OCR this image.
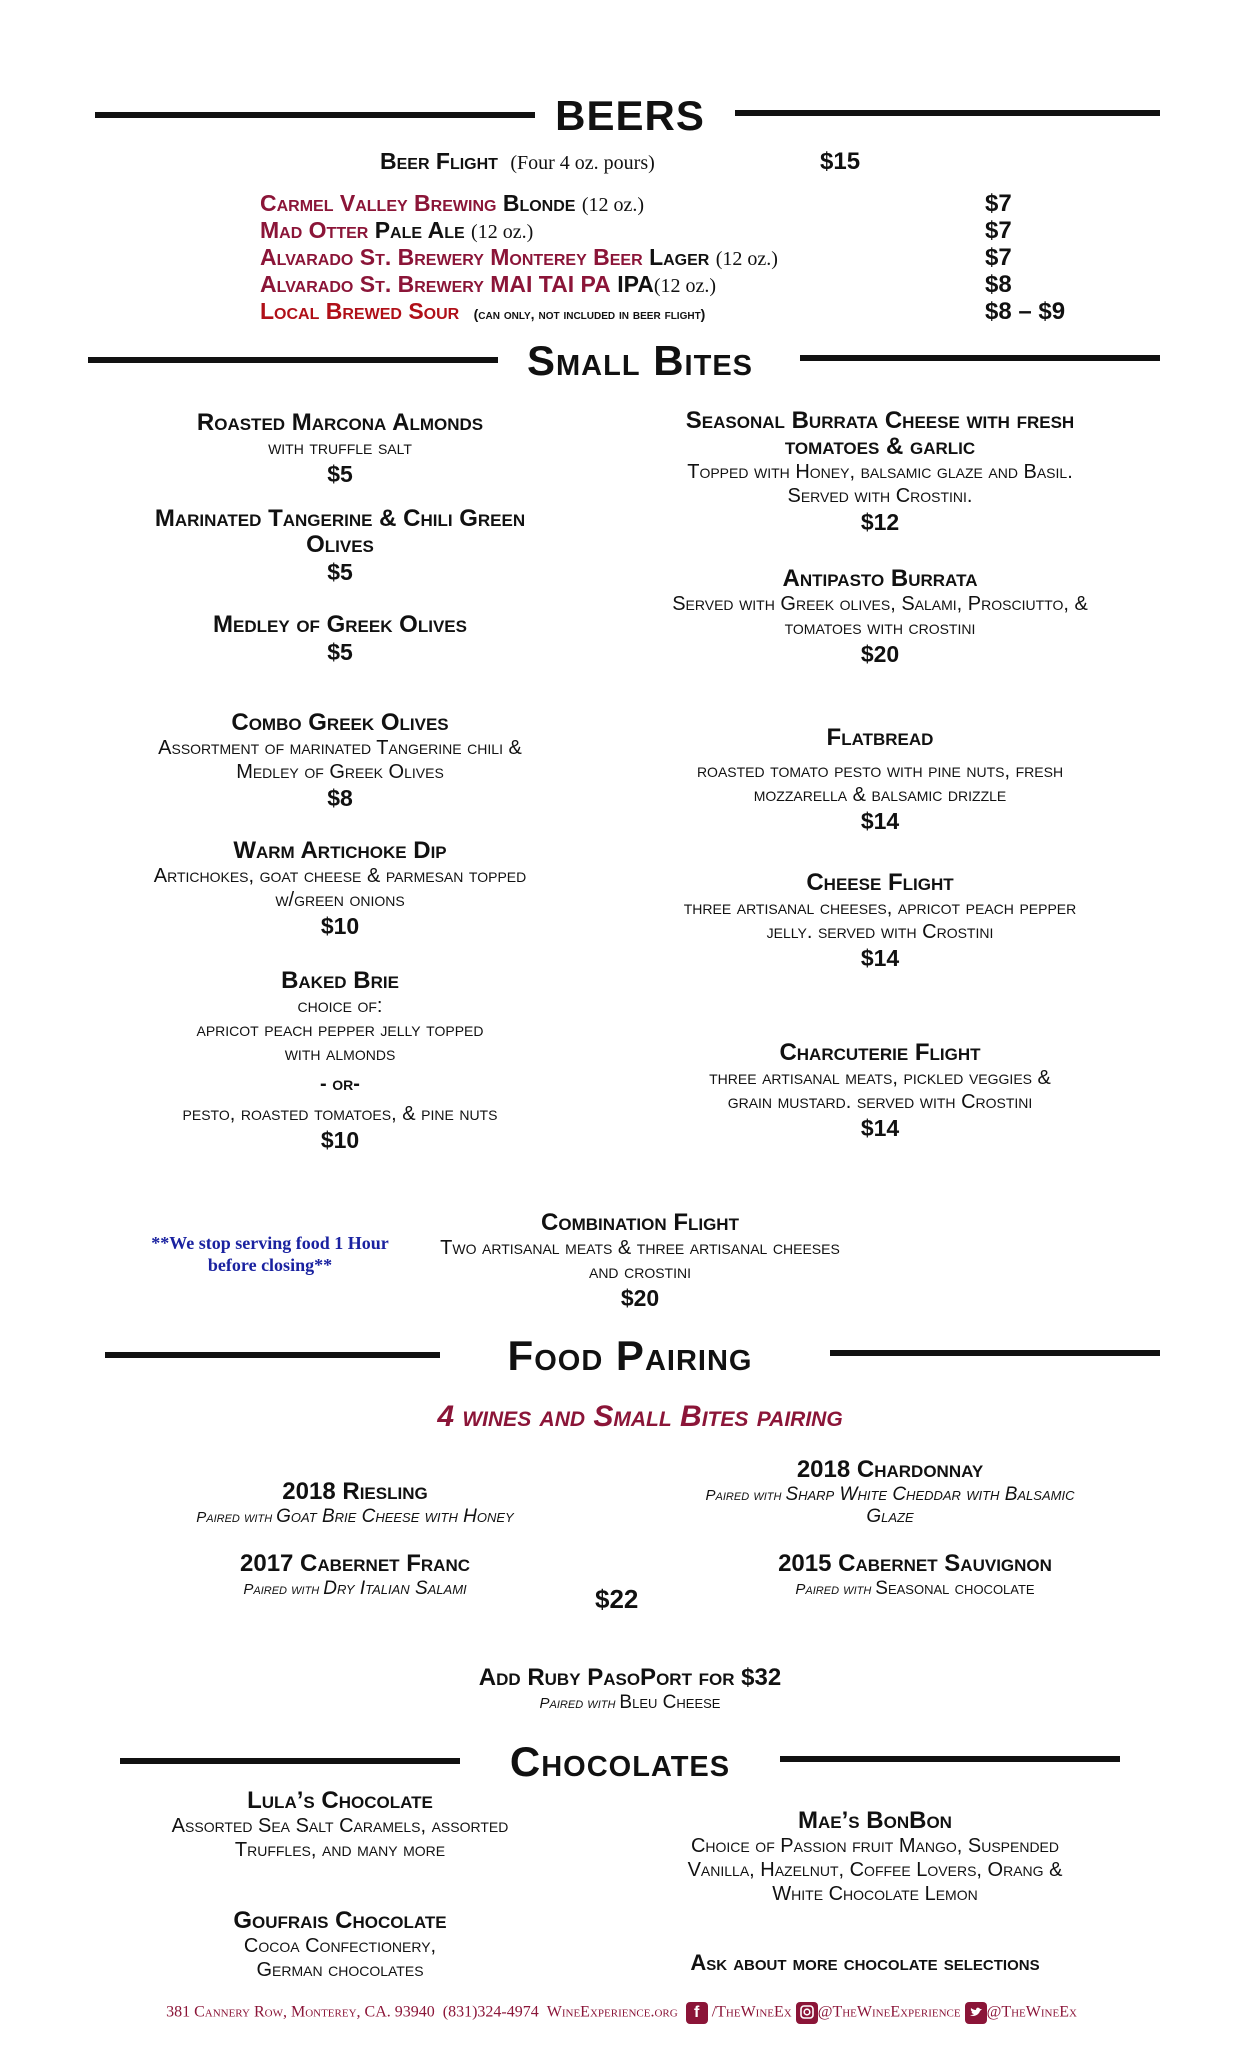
BEERS
Beer Flight (Four 4 oz. pours)	$15
Carmel Valley Brewing Blonde (12 oz.)	$7
Mad Otter Pale Ale (12 oz.)	$7
Alvarado St. Brewery Monterey Beer Lager (12 oz.)	$7
Alvarado St. Brewery MAI TAI PA IPA(12 oz.)	$8
Local Brewed Sour (can only, not included in beer flight)	$8 – $9
Small Bites
Roasted Marcona Almonds
with truffle salt
$5
Marinated Tangerine & Chili Green Olives
$5
Medley of Greek Olives
$5
Combo Greek Olives
Assortment of marinated Tangerine chili & Medley of Greek Olives
$8
Warm Artichoke Dip
Artichokes, goat cheese & parmesan topped w/green onions
$10
Baked Brie
choice of:
apricot peach pepper jelly topped with almonds
- or-
pesto, roasted tomatoes, & pine nuts
$10
Seasonal Burrata Cheese with fresh tomatoes & garlic
Topped with Honey, balsamic glaze and Basil. Served with Crostini.
$12
Antipasto Burrata
Served with Greek olives, Salami, Prosciutto, & tomatoes with crostini
$20
Flatbread
roasted tomato pesto with pine nuts, fresh mozzarella & balsamic drizzle
$14
Cheese Flight
three artisanal cheeses, apricot peach pepper jelly. served with Crostini
$14
Charcuterie Flight
three artisanal meats, pickled veggies & grain mustard. served with Crostini
$14
Combination Flight
Two artisanal meats & three artisanal cheeses and crostini
$20
**We stop serving food 1 Hour before closing**
Food Pairing
4 wines and Small Bites pairing
2018 Riesling
Paired with Goat Brie Cheese with Honey
2018 Chardonnay
Paired with Sharp White Cheddar with Balsamic Glaze
2017 Cabernet Franc
Paired with Dry Italian Salami
2015 Cabernet Sauvignon
Paired with Seasonal chocolate
$22
Add Ruby PasoPort for $32
Paired with Bleu Cheese
Chocolates
Lula’s Chocolate
Assorted Sea Salt Caramels, assorted Truffles, and many more
Goufrais Chocolate
Cocoa Confectionery, German chocolates
Mae’s BonBon
Choice of Passion fruit Mango, Suspended Vanilla, Hazelnut, Coffee Lovers, Orang & White Chocolate Lemon
Ask about more chocolate selections
381 Cannery Row, Monterey, CA. 93940 (831)324-4974 WineExperience.org f /TheWineEx @TheWineExperience @TheWineEx
